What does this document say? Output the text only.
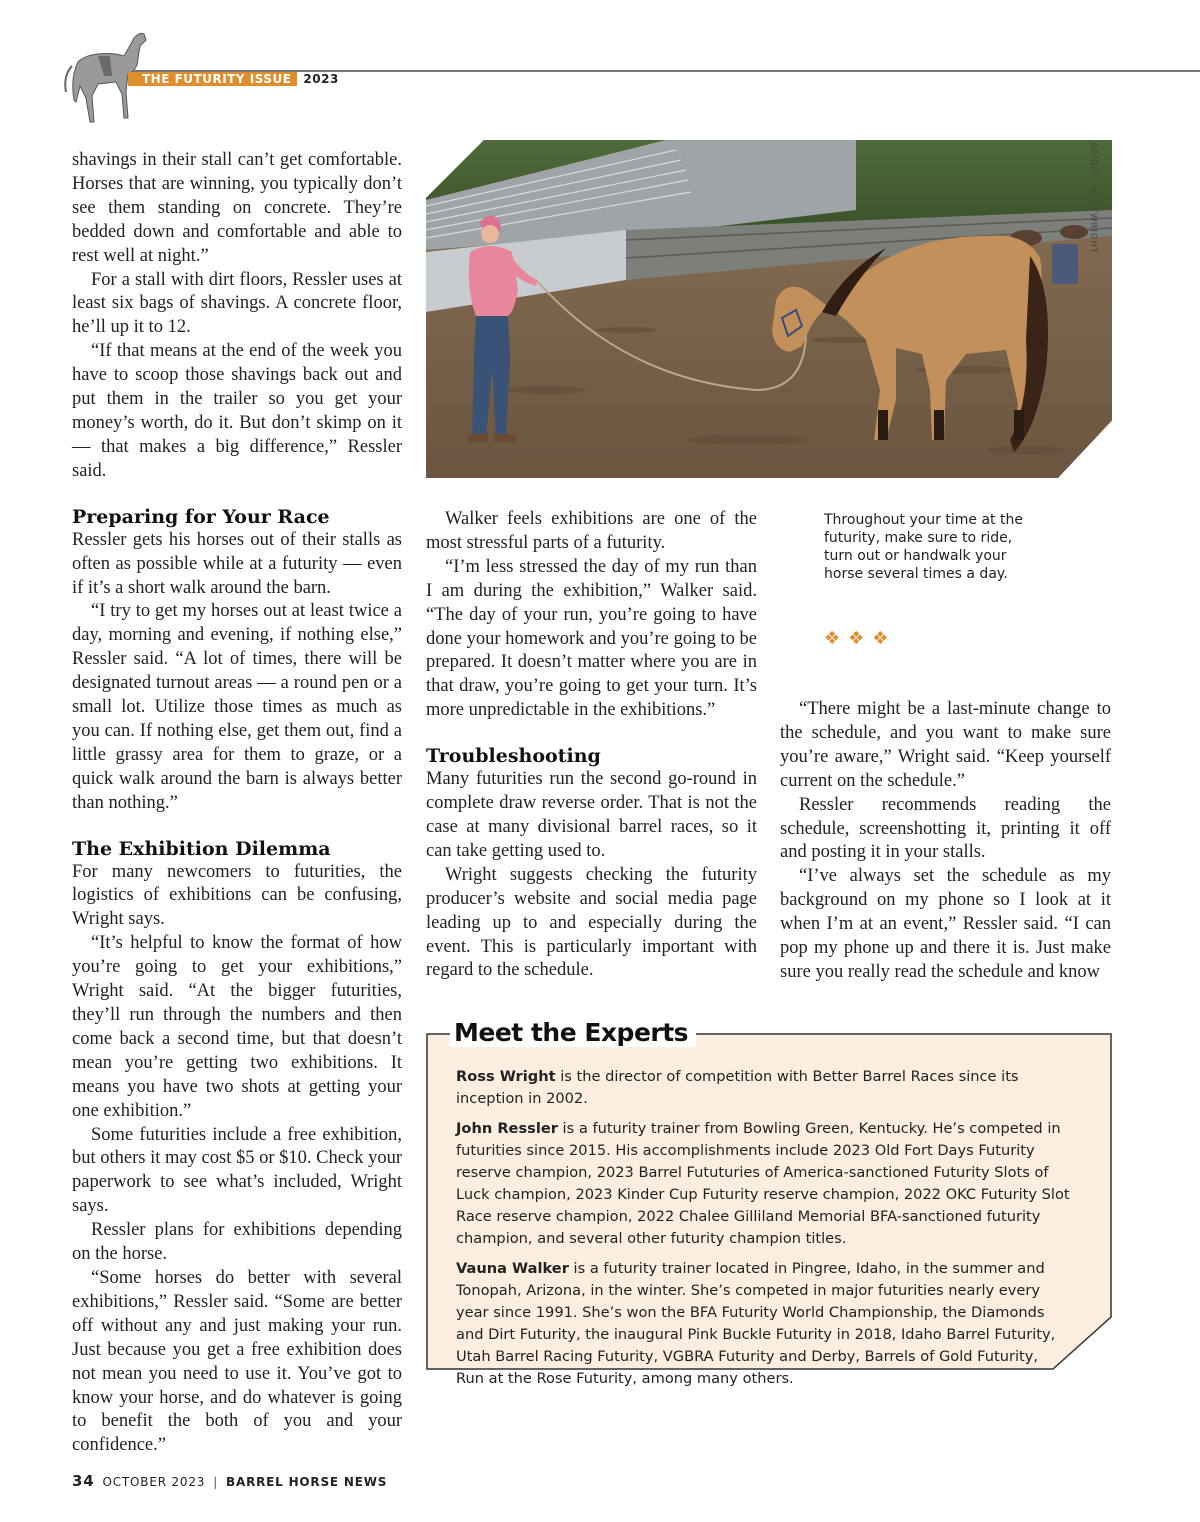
THE FUTURITY ISSUE	2023

shavings in their stall can’t get comfortable. Horses that are winning, you typically don’t see them standing on concrete. They’re bedded down and comfortable and able to rest well at night.”

For a stall with dirt floors, Ressler uses at least six bags of shavings. A concrete floor, he’ll up it to 12.

“If that means at the end of the week you have to scoop those shavings back out and put them in the trailer so you get your money’s worth, do it. But don’t skimp on it — that makes a big difference,” Ressler said.

Preparing for Your Race

Ressler gets his horses out of their stalls as often as possible while at a futurity — even if it’s a short walk around the barn.

“I try to get my horses out at least twice a day, morning and evening, if nothing else,” Ressler said. “A lot of times, there will be designated turnout areas — a round pen or a small lot. Utilize those times as much as you can. If nothing else, get them out, find a little grassy area for them to graze, or a quick walk around the barn is always better than nothing.”

The Exhibition Dilemma

For many newcomers to futurities, the logistics of exhibitions can be confusing, Wright says.

“It’s helpful to know the format of how you’re going to get your exhibitions,” Wright said. “At the bigger futurities, they’ll run through the numbers and then come back a second time, but that doesn’t mean you’re getting two exhibitions. It means you have two shots at getting your one exhibition.”

Some futurities include a free exhibition, but others it may cost $5 or $10. Check your paperwork to see what’s included, Wright says.

Ressler plans for exhibitions depending on the horse.

“Some horses do better with several exhibitions,” Ressler said. “Some are better off without any and just making your run. Just because you get a free exhibition does not mean you need to use it. You’ve got to know your horse, and do whatever is going to benefit the both of you and your confidence.”

ABIGAIL BOATWRIGHT

Walker feels exhibitions are one of the most stressful parts of a futurity.

“I’m less stressed the day of my run than I am during the exhibition,” Walker said. “The day of your run, you’re going to have done your homework and you’re going to be prepared. It doesn’t matter where you are in that draw, you’re going to get your turn. It’s more unpredictable in the exhibitions.”

Troubleshooting

Many futurities run the second go-round in complete draw reverse order. That is not the case at many divisional barrel races, so it can take getting used to.

Wright suggests checking the futurity producer’s website and social media page leading up to and especially during the event. This is particularly important with regard to the schedule.

Throughout your time at the futurity, make sure to ride, turn out or handwalk your horse several times a day.
❖ ❖ ❖

“There might be a last-minute change to the schedule, and you want to make sure you’re aware,” Wright said. “Keep yourself current on the schedule.”

Ressler recommends reading the schedule, screenshotting it, printing it off and posting it in your stalls.

“I’ve always set the schedule as my background on my phone so I look at it when I’m at an event,” Ressler said. “I can pop my phone up and there it is. Just make sure you really read the schedule and know

Meet the Experts

Ross Wright is the director of competition with Better Barrel Races since its inception in 2002.

John Ressler is a futurity trainer from Bowling Green, Kentucky. He’s competed in futurities since 2015. His accomplishments include 2023 Old Fort Days Futurity reserve champion, 2023 Barrel Fututuries of America-sanctioned Futurity Slots of Luck champion, 2023 Kinder Cup Futurity reserve champion, 2022 OKC Futurity Slot Race reserve champion, 2022 Chalee Gilliland Memorial BFA-sanctioned futurity champion, and several other futurity champion titles.

Vauna Walker is a futurity trainer located in Pingree, Idaho, in the summer and Tonopah, Arizona, in the winter. She’s competed in major futurities nearly every year since 1991. She’s won the BFA Futurity World Championship, the Diamonds and Dirt Futurity, the inaugural Pink Buckle Futurity in 2018, Idaho Barrel Futurity, Utah Barrel Racing Futurity, VGBRA Futurity and Derby, Barrels of Gold Futurity, Run at the Rose Futurity, among many others.

34 OCTOBER 2023 | BARREL HORSE NEWS
